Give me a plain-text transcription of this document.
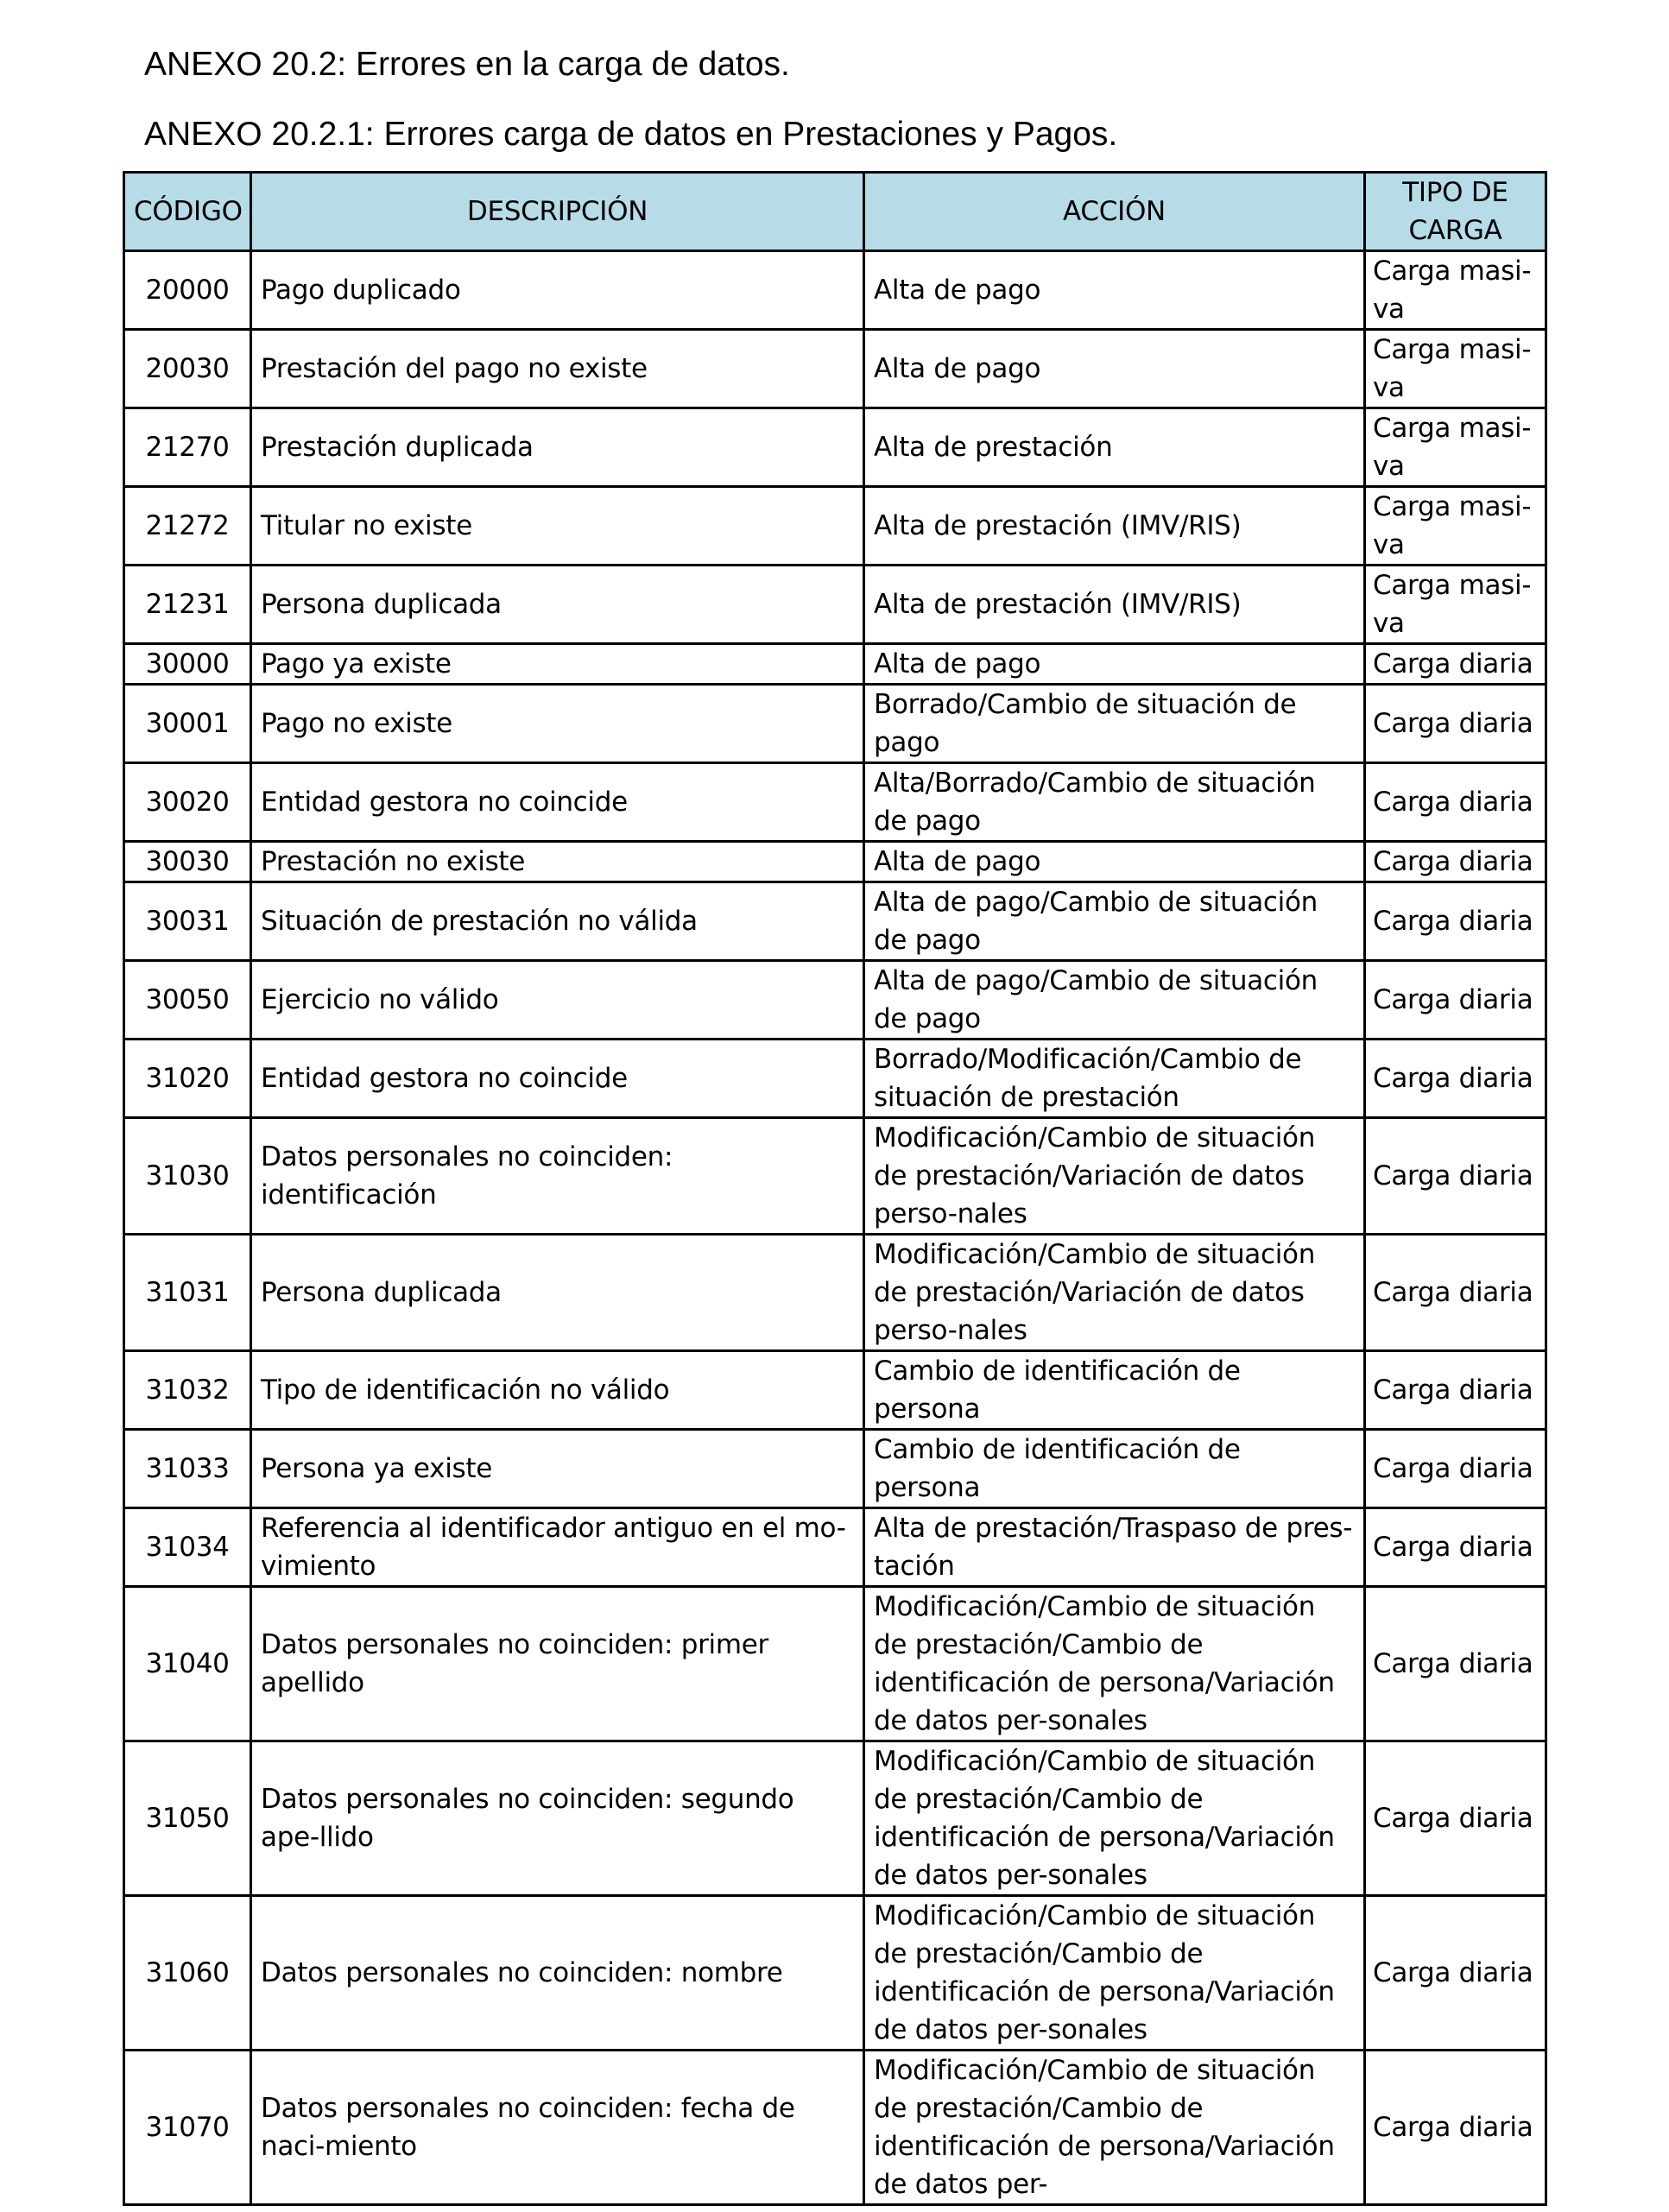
ANEXO 20.2: Errores en la carga de datos.
ANEXO 20.2.1: Errores carga de datos en Prestaciones y Pagos.
CÓDIGO	DESCRIPCIÓN	ACCIÓN	TIPO DE
CARGA

20000	Pago duplicado	Alta de pago	Carga masi-va
20030	Prestación del pago no existe	Alta de pago	Carga masi-va
21270	Prestación duplicada	Alta de prestación	Carga masi-va
21272	Titular no existe	Alta de prestación (IMV/RIS)	Carga masi-va
21231	Persona duplicada	Alta de prestación (IMV/RIS)	Carga masi-va
30000	Pago ya existe	Alta de pago	Carga diaria
30001	Pago no existe	Borrado/Cambio de situación de pago	Carga diaria
30020	Entidad gestora no coincide	Alta/Borrado/Cambio de situación de pago	Carga diaria
30030	Prestación no existe	Alta de pago	Carga diaria
30031	Situación de prestación no válida	Alta de pago/Cambio de situación de pago	Carga diaria
30050	Ejercicio no válido	Alta de pago/Cambio de situación de pago	Carga diaria
31020	Entidad gestora no coincide	Borrado/Modificación/Cambio de situación de prestación	Carga diaria
31030	Datos personales no coinciden: identificación	Modificación/Cambio de situación de prestación/Variación de datos perso-nales	Carga diaria
31031	Persona duplicada	Modificación/Cambio de situación de prestación/Variación de datos perso-nales	Carga diaria
31032	Tipo de identificación no válido	Cambio de identificación de persona	Carga diaria
31033	Persona ya existe	Cambio de identificación de persona	Carga diaria
31034	Referencia al identificador antiguo en el mo-vimiento	Alta de prestación/Traspaso de pres-tación	Carga diaria
31040	Datos personales no coinciden: primer apellido	Modificación/Cambio de situación de prestación/Cambio de identificación de persona/Variación de datos per-sonales	Carga diaria
31050	Datos personales no coinciden: segundo ape-llido	Modificación/Cambio de situación de prestación/Cambio de identificación de persona/Variación de datos per-sonales	Carga diaria
31060	Datos personales no coinciden: nombre	Modificación/Cambio de situación de prestación/Cambio de identificación de persona/Variación de datos per-sonales	Carga diaria
31070	Datos personales no coinciden: fecha de naci-miento	Modificación/Cambio de situación de prestación/Cambio de identificación de persona/Variación de datos per-	Carga diaria
